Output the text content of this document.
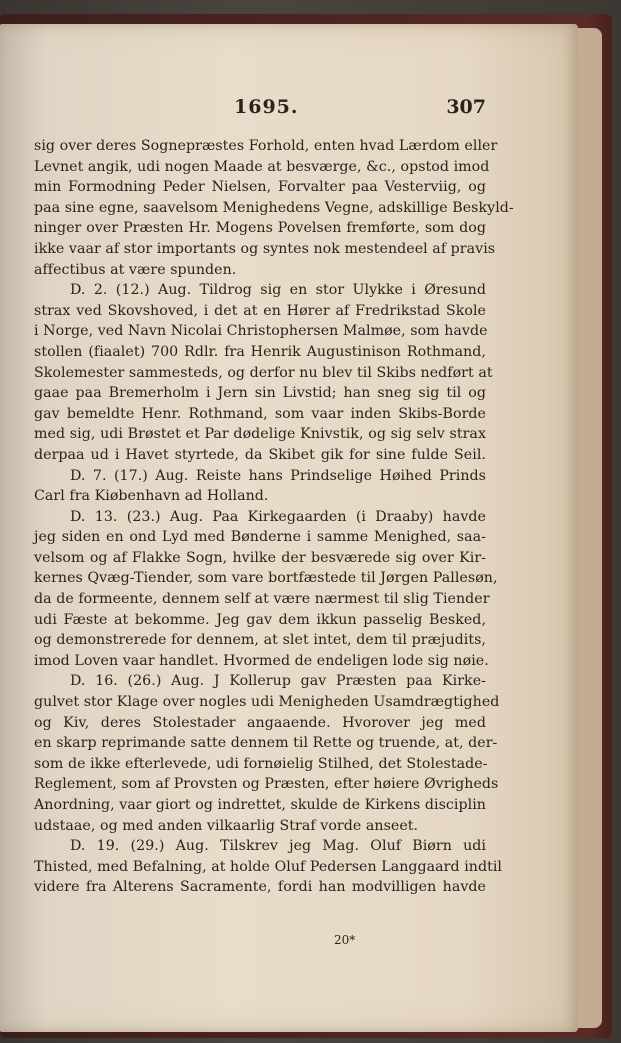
1695.	307
sig over deres Sognepræstes Forhold, enten hvad Lærdom eller
Levnet angik, udi nogen Maade at besværge, &c., opstod imod
min Formodning Peder Nielsen, Forvalter paa Vesterviig, og
paa sine egne, saavelsom Menighedens Vegne, adskillige Beskyld-
ninger over Præsten Hr. Mogens Povelsen fremførte, som dog
ikke vaar af stor importants og syntes nok mestendeel af pravis
affectibus at være spunden.
D. 2. (12.) Aug. Tildrog sig en stor Ulykke i Øresund
strax ved Skovshoved, i det at en Hører af Fredrikstad Skole
i Norge, ved Navn Nicolai Christophersen Malmøe, som havde
stollen (fiaalet) 700 Rdlr. fra Henrik Augustinison Rothmand,
Skolemester sammesteds, og derfor nu blev til Skibs nedført at
gaae paa Bremerholm i Jern sin Livstid; han sneg sig til og
gav bemeldte Henr. Rothmand, som vaar inden Skibs-Borde
med sig, udi Brøstet et Par dødelige Knivstik, og sig selv strax
derpaa ud i Havet styrtede, da Skibet gik for sine fulde Seil.
D. 7. (17.) Aug. Reiste hans Prindselige Høihed Prinds
Carl fra Kiøbenhavn ad Holland.
D. 13. (23.) Aug. Paa Kirkegaarden (i Draaby) havde
jeg siden en ond Lyd med Bønderne i samme Menighed, saa-
velsom og af Flakke Sogn, hvilke der besværede sig over Kir-
kernes Qvæg-Tiender, som vare bortfæstede til Jørgen Pallesøn,
da de formeente, dennem self at være nærmest til slig Tiender
udi Fæste at bekomme. Jeg gav dem ikkun passelig Besked,
og demonstrerede for dennem, at slet intet, dem til præjudits,
imod Loven vaar handlet. Hvormed de endeligen lode sig nøie.
D. 16. (26.) Aug. J Kollerup gav Præsten paa Kirke-
gulvet stor Klage over nogles udi Menigheden Usamdrægtighed
og Kiv, deres Stolestader angaaende. Hvorover jeg med
en skarp reprimande satte dennem til Rette og truende, at, der-
som de ikke efterlevede, udi fornøielig Stilhed, det Stolestade-
Reglement, som af Provsten og Præsten, efter høiere Øvrigheds
Anordning, vaar giort og indrettet, skulde de Kirkens disciplin
udstaae, og med anden vilkaarlig Straf vorde anseet.
D. 19. (29.) Aug. Tilskrev jeg Mag. Oluf Biørn udi
Thisted, med Befalning, at holde Oluf Pedersen Langgaard indtil
videre fra Alterens Sacramente, fordi han modvilligen havde
20*
